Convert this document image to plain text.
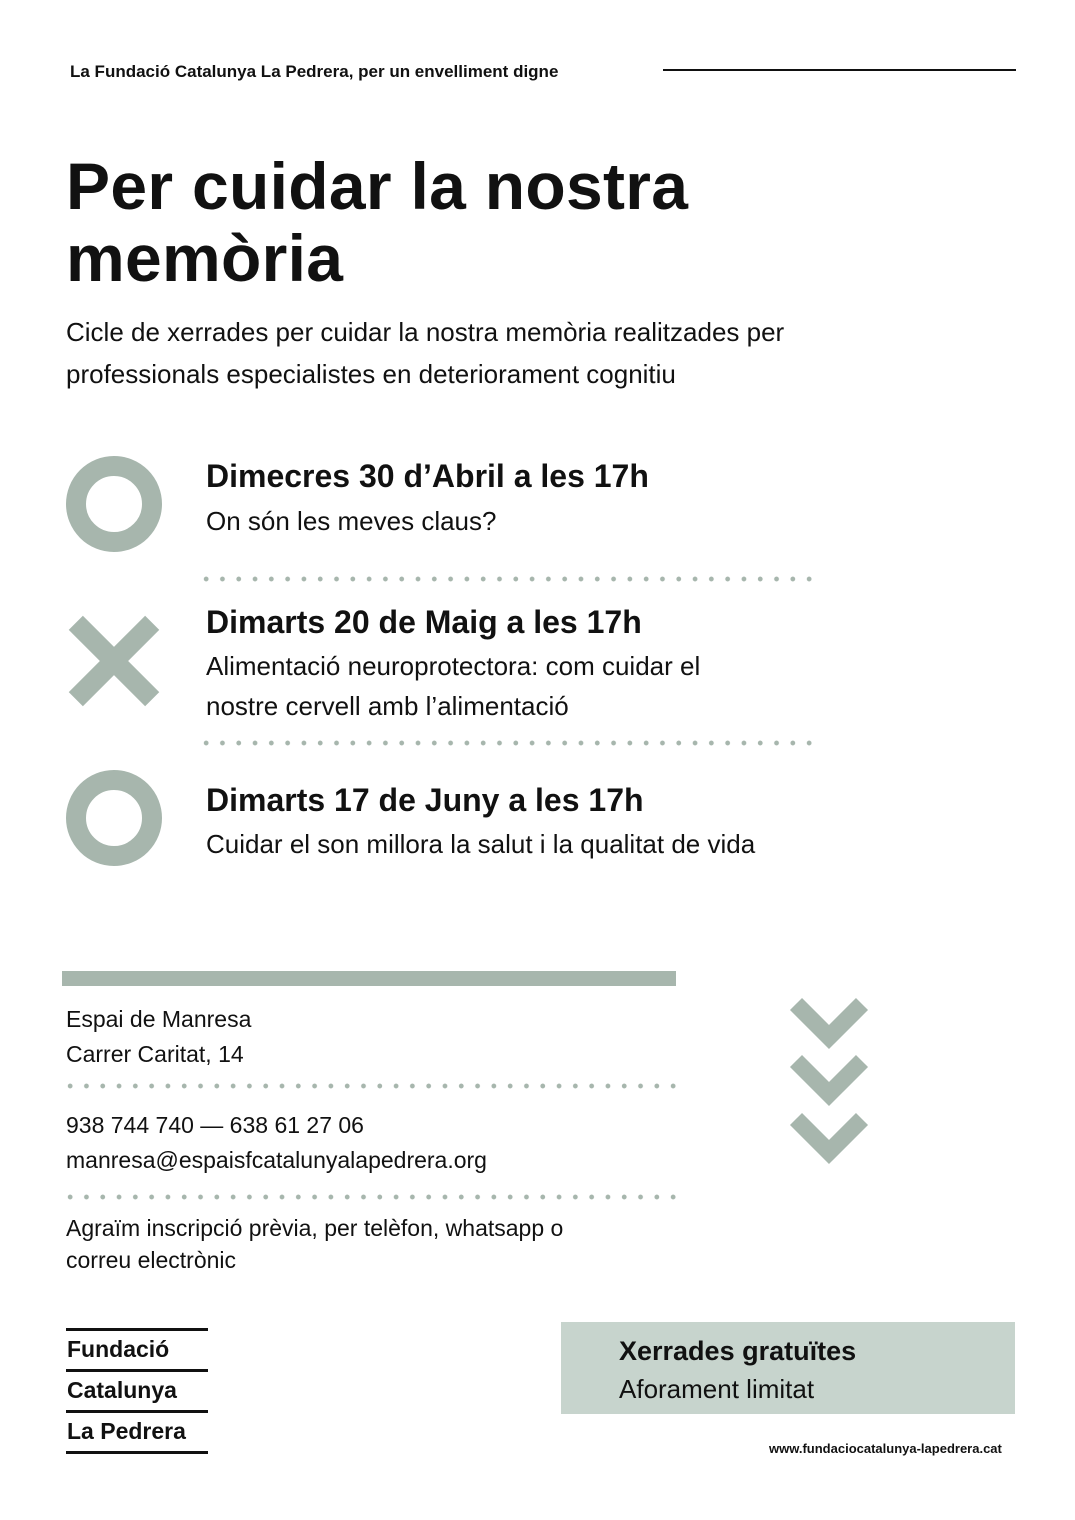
La Fundació Catalunya La Pedrera, per un envelliment digne
Per cuidar la nostra
memòria
Cicle de xerrades per cuidar la nostra memòria realitzades per
professionals especialistes en deteriorament cognitiu
Dimecres 30 d’Abril a les 17h
On són les meves claus?
Dimarts 20 de Maig a les 17h
Alimentació neuroprotectora: com cuidar el
nostre cervell amb l’alimentació
Dimarts 17 de Juny a les 17h
Cuidar el son millora la salut i la qualitat de vida
Espai de Manresa
Carrer Caritat, 14
938 744 740 — 638 61 27 06
manresa@espaisfcatalunyalapedrera.org
Agraïm inscripció prèvia, per telèfon, whatsapp o
correu electrònic
Fundació
Catalunya
La Pedrera
Xerrades gratuïtes
Aforament limitat
www.fundaciocatalunya-lapedrera.cat
